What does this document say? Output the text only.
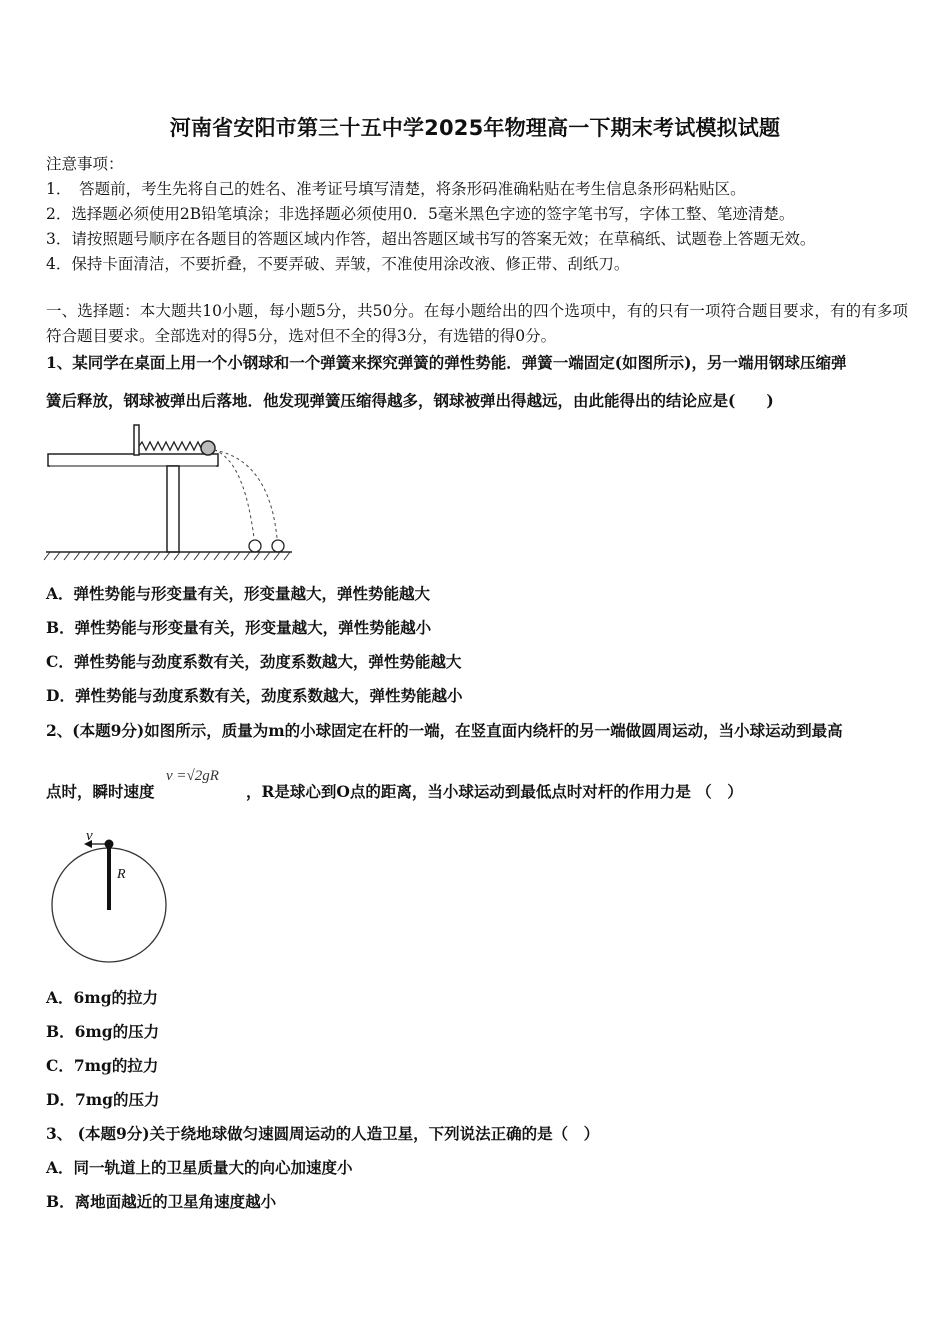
河南省安阳市第三十五中学2025年物理高一下期末考试模拟试题
注意事项：
1．　答题前，考生先将自己的姓名、准考证号填写清楚，将条形码准确粘贴在考生信息条形码粘贴区。
2．选择题必须使用2B铅笔填涂；非选择题必须使用0．5毫米黑色字迹的签字笔书写，字体工整、笔迹清楚。
3．请按照题号顺序在各题目的答题区域内作答，超出答题区域书写的答案无效；在草稿纸、试题卷上答题无效。
4．保持卡面清洁，不要折叠，不要弄破、弄皱，不准使用涂改液、修正带、刮纸刀。
一、选择题：本大题共10小题，每小题5分，共50分。在每小题给出的四个选项中，有的只有一项符合题目要求，有的有多项符合题目要求。全部选对的得5分，选对但不全的得3分，有选错的得0分。
1、某同学在桌面上用一个小钢球和一个弹簧来探究弹簧的弹性势能．弹簧一端固定(如图所示)，另一端用钢球压缩弹
簧后释放，钢球被弹出后落地．他发现弹簧压缩得越多，钢球被弹出得越远，由此能得出的结论应是(　　)
A．弹性势能与形变量有关，形变量越大，弹性势能越大
B．弹性势能与形变量有关，形变量越大，弹性势能越小
C．弹性势能与劲度系数有关，劲度系数越大，弹性势能越大
D．弹性势能与劲度系数有关，劲度系数越大，弹性势能越小
2、(本题9分)如图所示，质量为m的小球固定在杆的一端，在竖直面内绕杆的另一端做圆周运动，当小球运动到最高
点时，瞬时速度
v =√2gR
，R是球心到O点的距离，当小球运动到最低点时对杆的作用力是 （　）
v
R
A．6mg的拉力
B．6mg的压力
C．7mg的拉力
D．7mg的压力
3、 (本题9分)关于绕地球做匀速圆周运动的人造卫星，下列说法正确的是（　）
A．同一轨道上的卫星质量大的向心加速度小
B．离地面越近的卫星角速度越小
